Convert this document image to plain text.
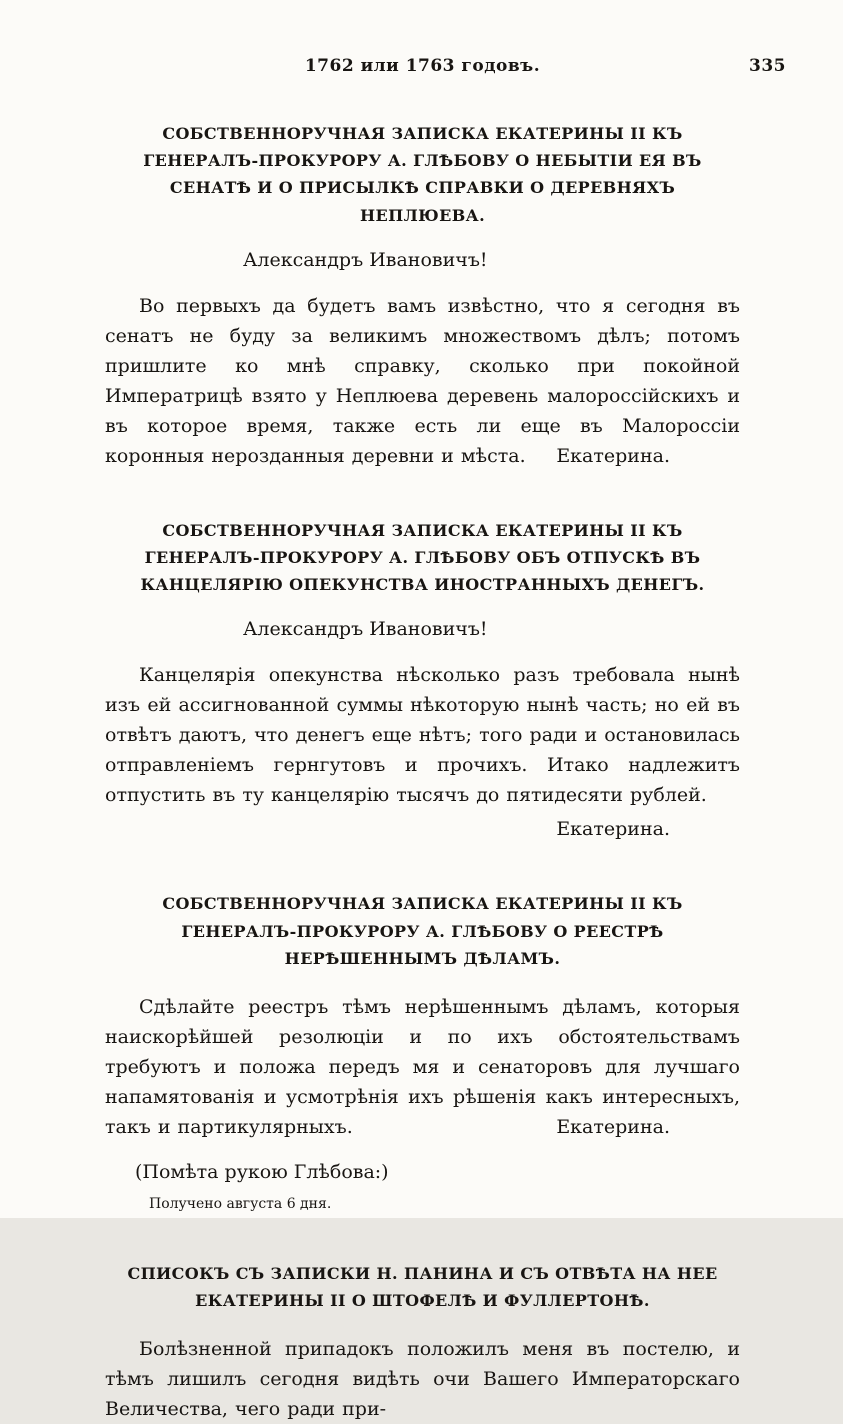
1762 или 1763 годовъ.	335
СОБСТВЕННОРУЧНАЯ ЗАПИСКА ЕКАТЕРИНЫ II КЪ ГЕНЕРАЛЪ-ПРОКУРОРУ А. ГЛѢБОВУ О НЕБЫТІИ ЕЯ ВЪ СЕНАТѢ И О ПРИСЫЛКѢ СПРАВКИ О ДЕРЕВНЯХЪ НЕПЛЮЕВА.

Александръ Ивановичъ!

Во первыхъ да будетъ вамъ извѣстно, что я сегодня въ сенатъ не буду за великимъ множествомъ дѣлъ; потомъ пришлите ко мнѣ справку, сколько при покойной Императрицѣ взято у Неплюева деревень малороссійскихъ и въ которое время, также есть ли еще въ Малороссіи коронныя нерозданныя деревни и мѣста.	Екатерина.

СОБСТВЕННОРУЧНАЯ ЗАПИСКА ЕКАТЕРИНЫ II КЪ ГЕНЕРАЛЪ-ПРОКУРОРУ А. ГЛѢБОВУ ОБЪ ОТПУСКѢ ВЪ КАНЦЕЛЯРІЮ ОПЕКУНСТВА ИНОСТРАННЫХЪ ДЕНЕГЪ.

Александръ Ивановичъ!

Канцелярія опекунства нѣсколько разъ требовала нынѣ изъ ей ассигнованной суммы нѣкоторую нынѣ часть; но ей въ отвѣтъ даютъ, что денегъ еще нѣтъ; того ради и остановилась отправленіемъ гернгутовъ и прочихъ. Итако надлежитъ отпустить въ ту канцелярію тысячъ до пятидесяти рублей.

Екатерина.

СОБСТВЕННОРУЧНАЯ ЗАПИСКА ЕКАТЕРИНЫ II КЪ ГЕНЕРАЛЪ-ПРОКУРОРУ А. ГЛѢБОВУ О РЕЕСТРѢ НЕРѢШЕННЫМЪ ДѢЛАМЪ.

Сдѣлайте реестръ тѣмъ нерѣшеннымъ дѣламъ, которыя наискорѣйшей резолюціи и по ихъ обстоятельствамъ требуютъ и положа передъ мя и сенаторовъ для лучшаго напамятованія и усмотрѣнія ихъ рѣшенія какъ интересныхъ, такъ и партикулярныхъ.	Екатерина.

(Помѣта рукою Глѣбова:)

Получено августа 6 дня.

СПИСОКЪ СЪ ЗАПИСКИ Н. ПАНИНА И СЪ ОТВѢТА НА НЕЕ ЕКАТЕРИНЫ II О ШТОФЕЛѢ И ФУЛЛЕРТОНѢ.

Болѣзненной припадокъ положилъ меня въ постелю, и тѣмъ лишилъ сегодня видѣть очи Вашего Императорскаго Величества, чего ради при-
